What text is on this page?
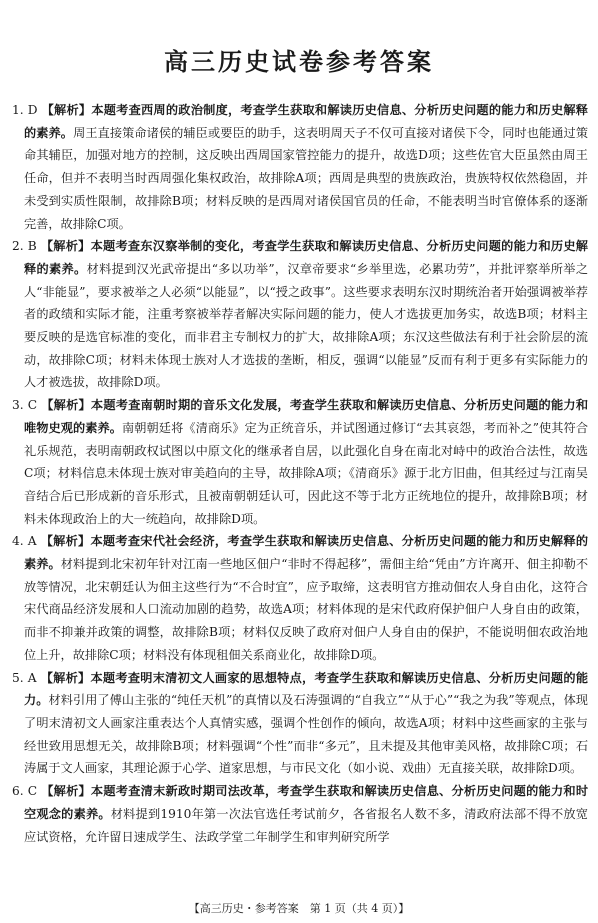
高三历史试卷参考答案

1. D 【解析】本题考查西周的政治制度，考查学生获取和解读历史信息、分析历史问题的能力和历史解释的素养。周王直接策命诸侯的辅臣或要臣的助手，这表明周天子不仅可直接对诸侯下令，同时也能通过策命其辅臣，加强对地方的控制，这反映出西周国家管控能力的提升，故选D项；这些佐官大臣虽然由周王任命，但并不表明当时西周强化集权政治，故排除A项；西周是典型的贵族政治，贵族特权依然稳固，并未受到实质性限制，故排除B项；材料反映的是西周对诸侯国官员的任命，不能表明当时官僚体系的逐渐完善，故排除C项。

2. B 【解析】本题考查东汉察举制的变化，考查学生获取和解读历史信息、分析历史问题的能力和历史解释的素养。材料提到汉光武帝提出“多以功举”，汉章帝要求“乡举里选，必累功劳”，并批评察举所举之人“非能显”，要求被举之人必须“以能显”，以“授之政事”。这些要求表明东汉时期统治者开始强调被举荐者的政绩和实际才能，注重考察被举荐者解决实际问题的能力，使人才选拔更加务实，故选B项；材料主要反映的是选官标准的变化，而非君主专制权力的扩大，故排除A项；东汉这些做法有利于社会阶层的流动，故排除C项；材料未体现士族对人才选拔的垄断，相反，强调“以能显”反而有利于更多有实际能力的人才被选拔，故排除D项。

3. C 【解析】本题考查南朝时期的音乐文化发展，考查学生获取和解读历史信息、分析历史问题的能力和唯物史观的素养。南朝朝廷将《清商乐》定为正统音乐，并试图通过修订“去其哀怨，考而补之”使其符合礼乐规范，表明南朝政权试图以中原文化的继承者自居，以此强化自身在南北对峙中的政治合法性，故选C项；材料信息未体现士族对审美趋向的主导，故排除A项；《清商乐》源于北方旧曲，但其经过与江南吴音结合后已形成新的音乐形式，且被南朝朝廷认可，因此这不等于北方正统地位的提升，故排除B项；材料未体现政治上的大一统趋向，故排除D项。

4. A 【解析】本题考查宋代社会经济，考查学生获取和解读历史信息、分析历史问题的能力和历史解释的素养。材料提到北宋初年针对江南一些地区佃户“非时不得起移”，需佃主给“凭由”方许离开、佃主抑勒不放等情况，北宋朝廷认为佃主这些行为“不合时宜”，应予取缔，这表明官方推动佃农人身自由化，这符合宋代商品经济发展和人口流动加剧的趋势，故选A项；材料体现的是宋代政府保护佃户人身自由的政策，而非不抑兼并政策的调整，故排除B项；材料仅反映了政府对佃户人身自由的保护，不能说明佃农政治地位上升，故排除C项；材料没有体现租佃关系商业化，故排除D项。

5. A 【解析】本题考查明末清初文人画家的思想特点，考查学生获取和解读历史信息、分析历史问题的能力。材料引用了傅山主张的“纯任天机”的真情以及石涛强调的“自我立”“从于心”“我之为我”等观点，体现了明末清初文人画家注重表达个人真情实感，强调个性创作的倾向，故选A项；材料中这些画家的主张与经世致用思想无关，故排除B项；材料强调“个性”而非“多元”，且未提及其他审美风格，故排除C项；石涛属于文人画家，其理论源于心学、道家思想，与市民文化（如小说、戏曲）无直接关联，故排除D项。

6. C 【解析】本题考查清末新政时期司法改革，考查学生获取和解读历史信息、分析历史问题的能力和时空观念的素养。材料提到1910年第一次法官选任考试前夕，各省报名人数不多，清政府法部不得不放宽应试资格，允许留日速成学生、法政学堂二年制学生和审判研究所学

【高三历史・参考答案　第 1 页（共 4 页）】
